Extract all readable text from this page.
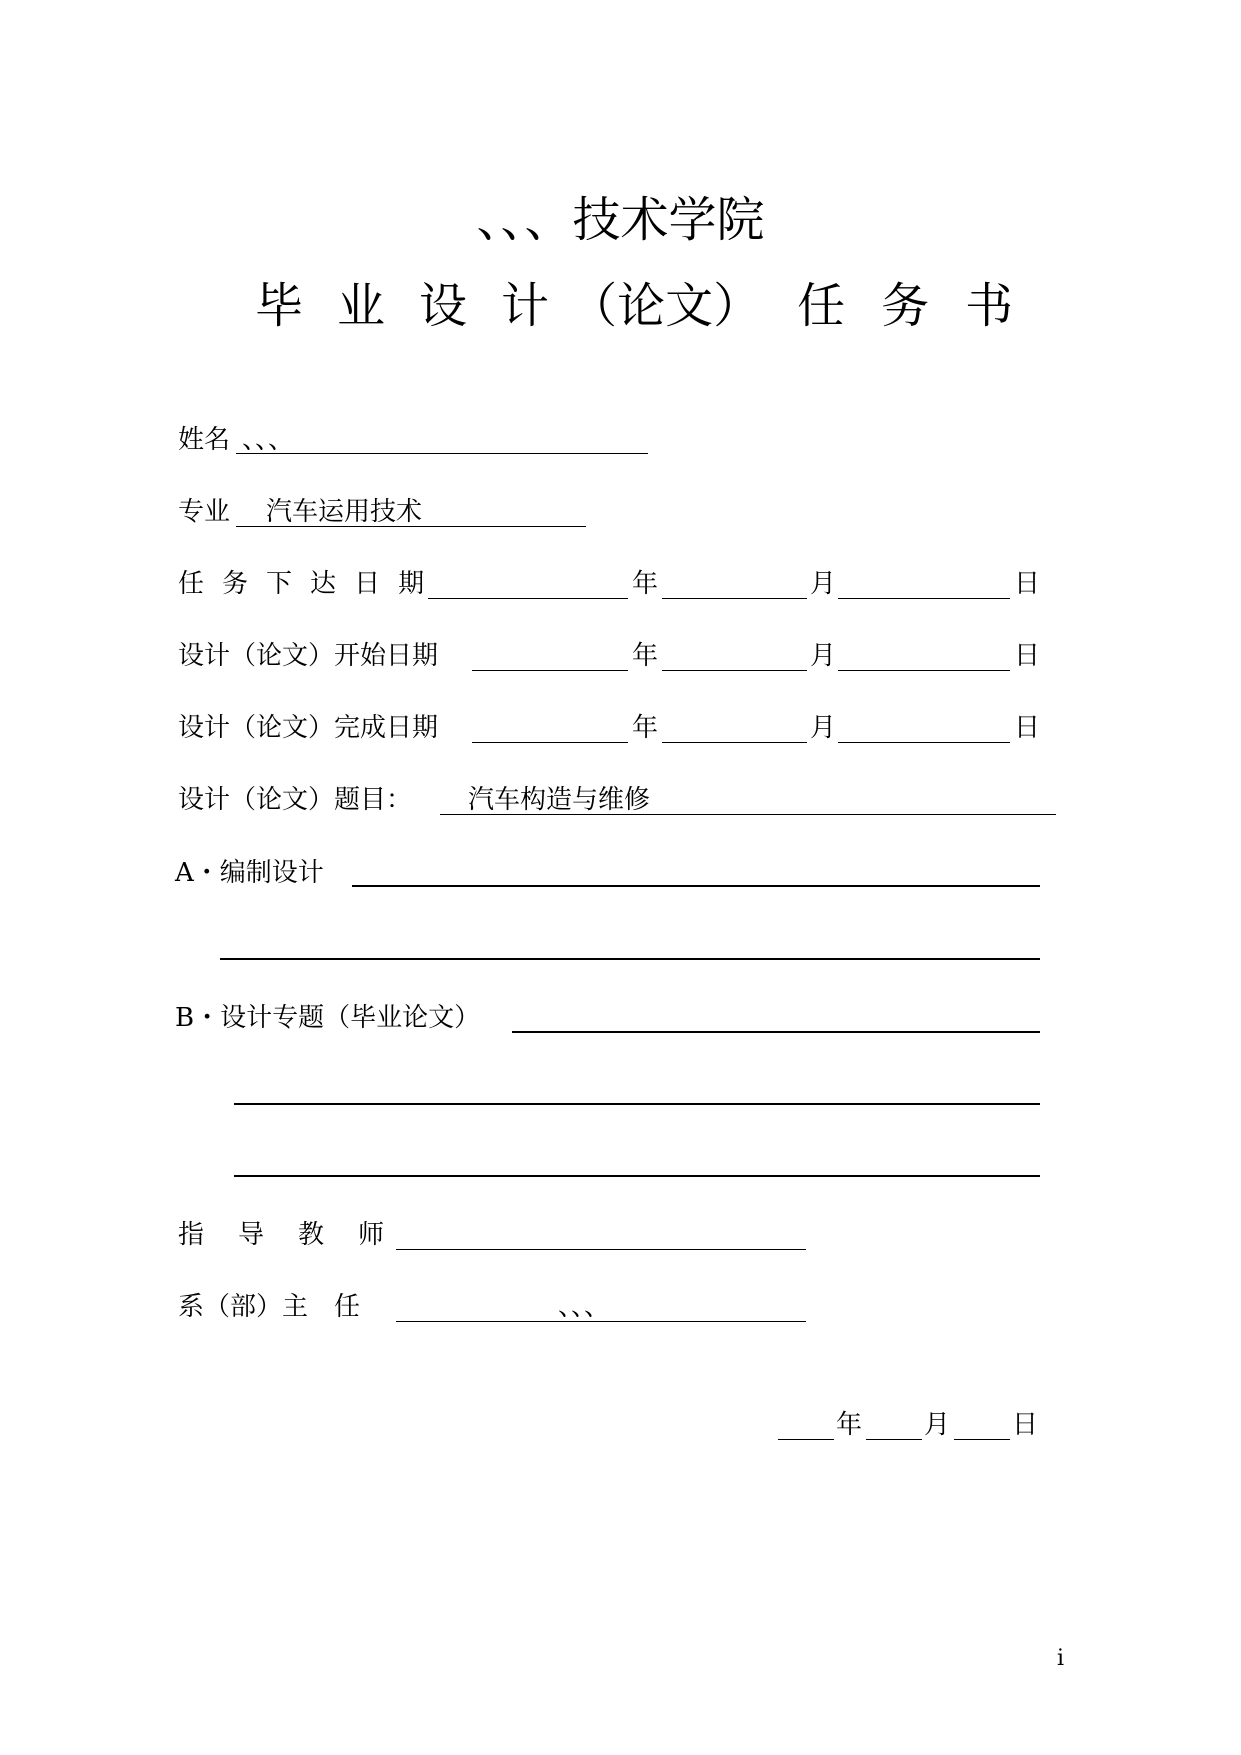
、、、技术学院
毕 业 设 计 （论文） 任 务 书
姓名 、、、
专业 汽车运用技术
任 务 下 达 日 期	年	月	日
设计（论文）开始日期	年	月	日
设计（论文）完成日期	年	月	日
设计（论文）题目： 汽车构造与维修
A・编制设计
B・设计专题（毕业论文）
指 导 教 师
系（部）主　任	、、、
年 月 日
i
